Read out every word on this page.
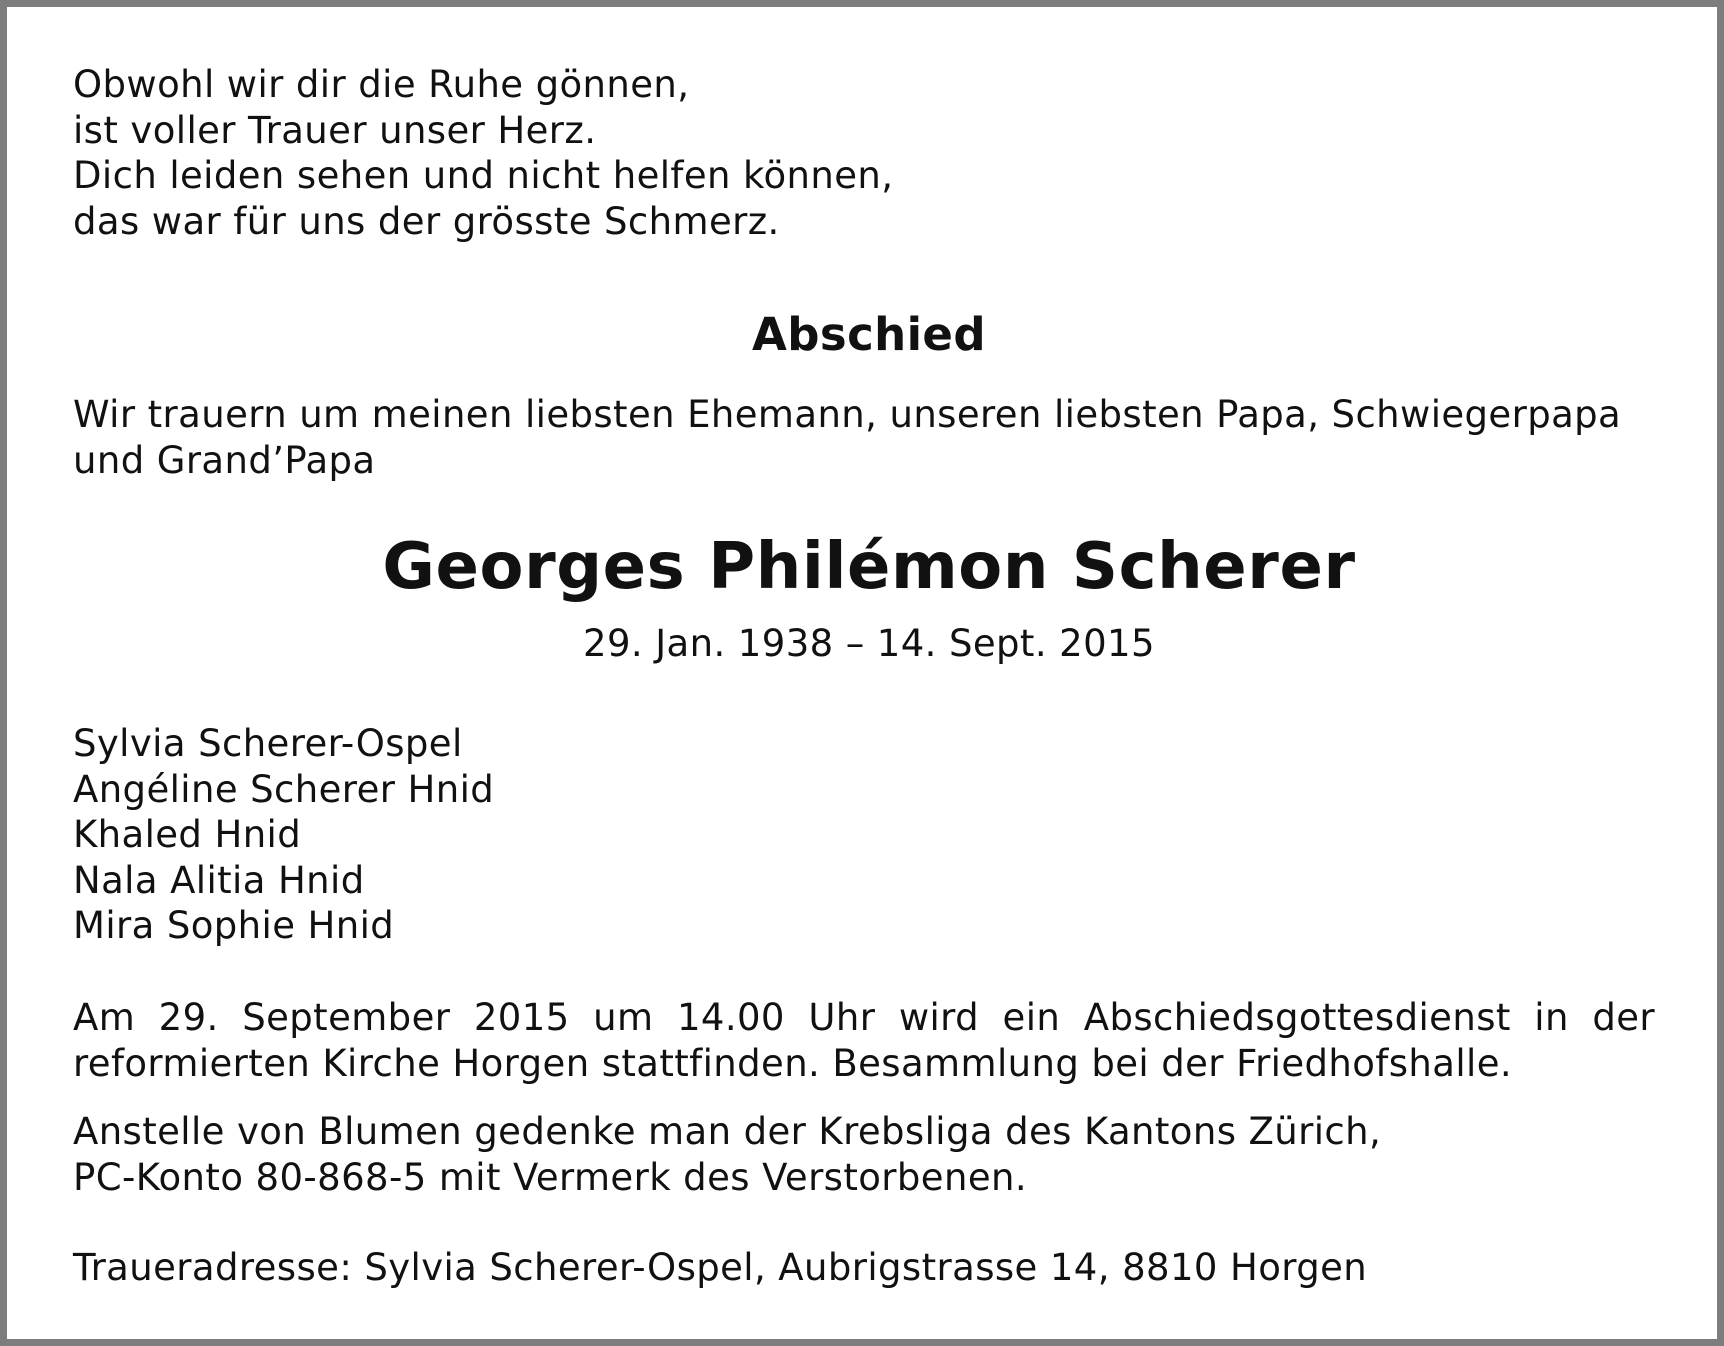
Obwohl wir dir die Ruhe gönnen,
ist voller Trauer unser Herz.
Dich leiden sehen und nicht helfen können,
das war für uns der grösste Schmerz.
Abschied
Wir trauern um meinen liebsten Ehemann, unseren liebsten Papa, Schwiegerpapa
und Grand’Papa
Georges Philémon Scherer
29. Jan. 1938 – 14. Sept. 2015
Sylvia Scherer-Ospel
Angéline Scherer Hnid
Khaled Hnid
Nala Alitia Hnid
Mira Sophie Hnid
Am 29. September 2015 um 14.00 Uhr wird ein Abschiedsgottesdienst in der
reformierten Kirche Horgen stattfinden. Besammlung bei der Friedhofshalle.
Anstelle von Blumen gedenke man der Krebsliga des Kantons Zürich,
PC-Konto 80-868-5 mit Vermerk des Verstorbenen.
Traueradresse: Sylvia Scherer-Ospel, Aubrigstrasse 14, 8810 Horgen
